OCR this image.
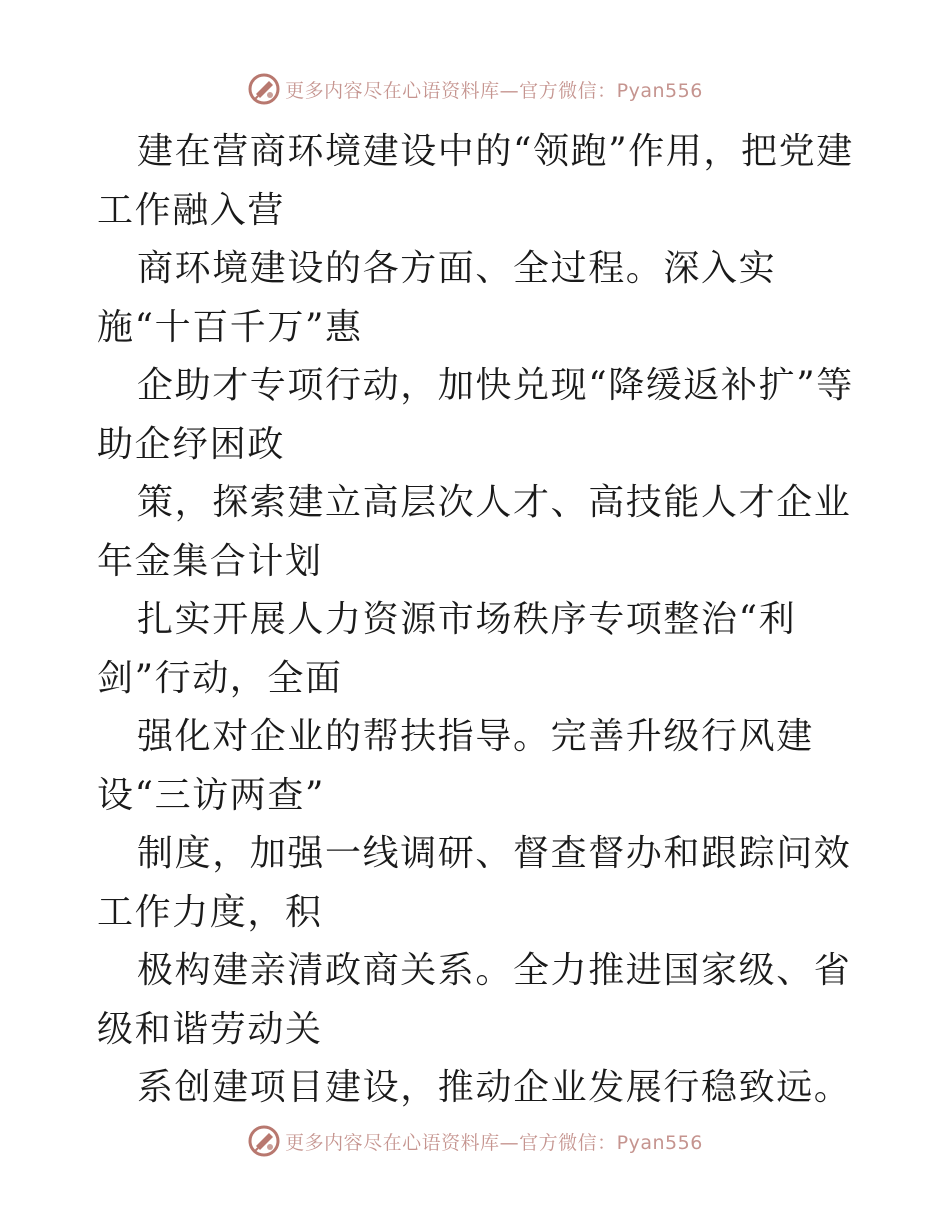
更多内容尽在心语资料库—官方微信：Pyan556

建在营商环境建设中的“领跑”作用，把党建工作融入营

商环境建设的各方面、全过程。深入实施“十百千万”惠

企助才专项行动，加快兑现“降缓返补扩”等助企纾困政

策，探索建立高层次人才、高技能人才企业年金集合计划

扎实开展人力资源市场秩序专项整治“利剑”行动，全面

强化对企业的帮扶指导。完善升级行风建设“三访两查”

制度，加强一线调研、督查督办和跟踪问效工作力度，积

极构建亲清政商关系。全力推进国家级、省级和谐劳动关

系创建项目建设，推动企业发展行稳致远。

更多内容尽在心语资料库—官方微信：Pyan556
